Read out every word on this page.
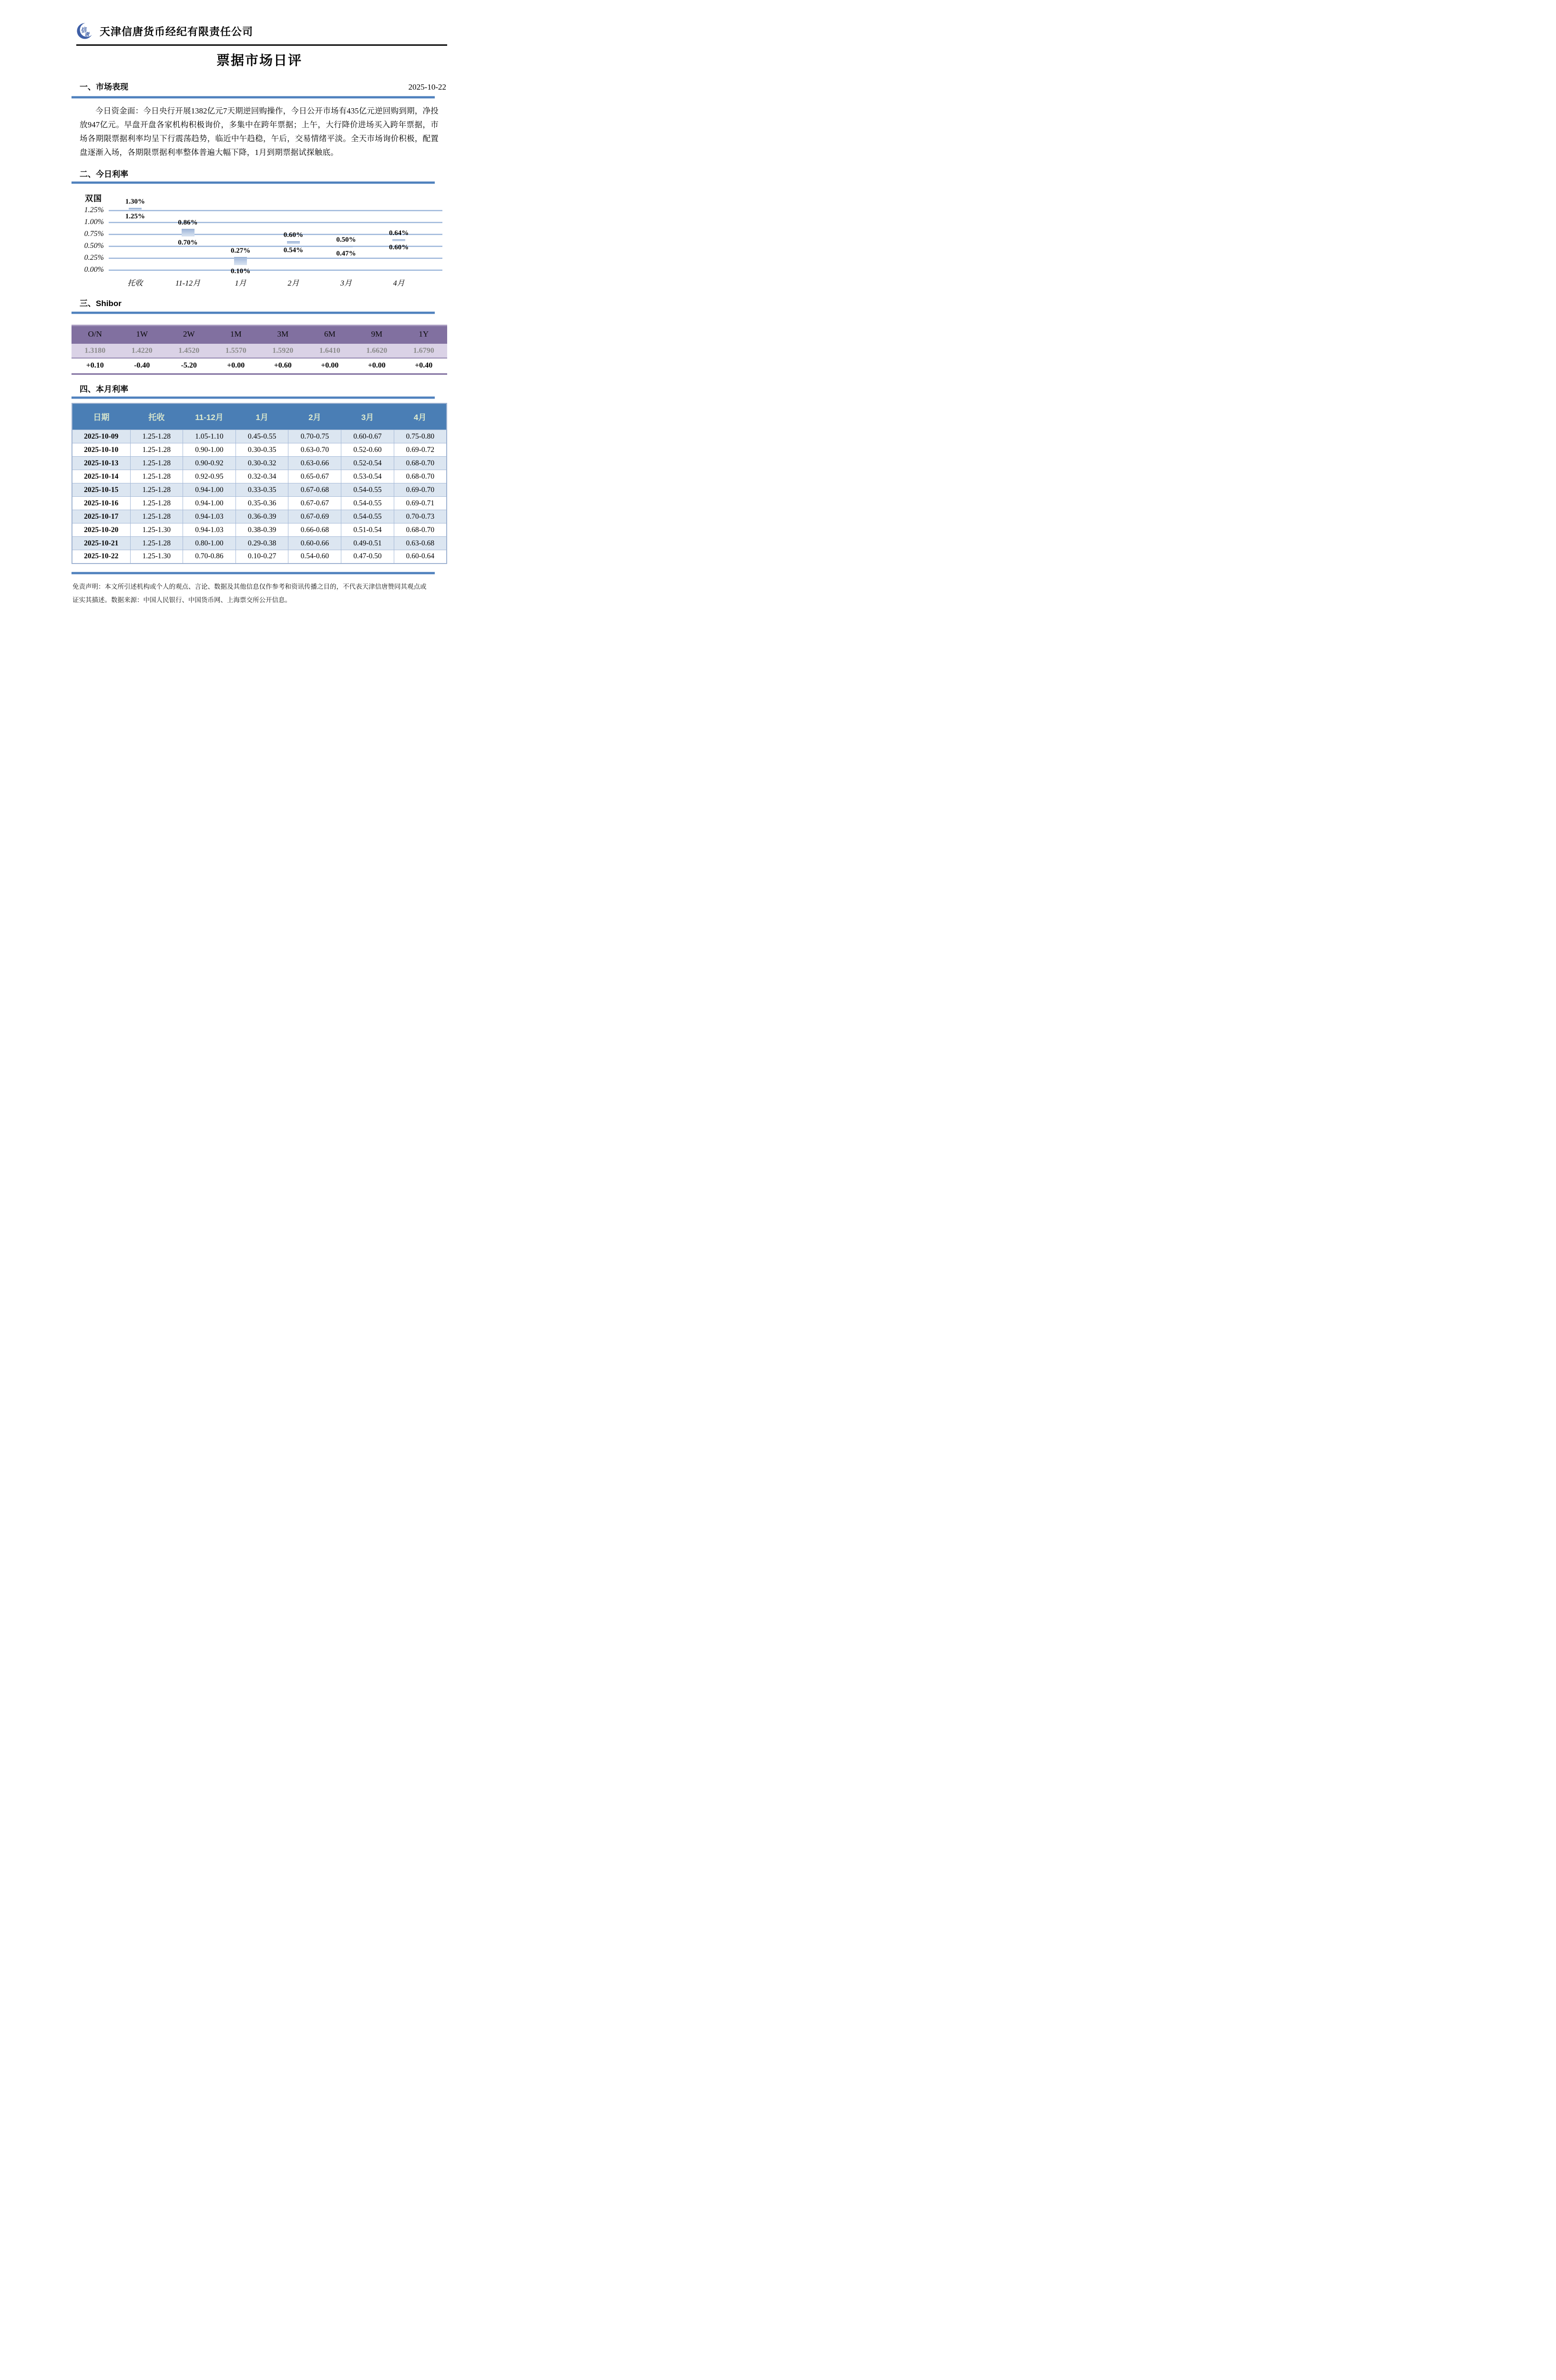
信
唐 天津信唐货币经纪有限责任公司
票据市场日评
一、市场表现	2025-10-22
今日资金面：今日央行开展1382亿元7天期逆回购操作，今日公开市场有435亿元逆回购到期，净投放947亿元。早盘开盘各家机构积极询价，多集中在跨年票据；上午，大行降价进场买入跨年票据，市场各期限票据利率均呈下行震荡趋势，临近中午趋稳，午后，交易情绪平淡。全天市场询价积极，配置盘逐渐入场，各期限票据利率整体普遍大幅下降，1月到期票据试探触底。
二、今日利率
双国
0.00%
0.25%
0.50%
0.75%
1.00%
1.25%
1.30%
1.25%
托收
0.86%
0.70%
11-12月
0.27%
0.10%
1月
0.60%
0.54%
2月
0.50%
0.47%
3月
0.64%
0.60%
4月
三、Shibor
O/N	1W	2W	1M	3M	6M	9M	1Y
1.3180	1.4220	1.4520	1.5570	1.5920	1.6410	1.6620	1.6790
+0.10	-0.40	-5.20	+0.00	+0.60	+0.00	+0.00	+0.40
四、本月利率
日期	托收	11-12月	1月	2月	3月	4月
2025-10-09	1.25-1.28	1.05-1.10	0.45-0.55	0.70-0.75	0.60-0.67	0.75-0.80
2025-10-10	1.25-1.28	0.90-1.00	0.30-0.35	0.63-0.70	0.52-0.60	0.69-0.72
2025-10-13	1.25-1.28	0.90-0.92	0.30-0.32	0.63-0.66	0.52-0.54	0.68-0.70
2025-10-14	1.25-1.28	0.92-0.95	0.32-0.34	0.65-0.67	0.53-0.54	0.68-0.70
2025-10-15	1.25-1.28	0.94-1.00	0.33-0.35	0.67-0.68	0.54-0.55	0.69-0.70
2025-10-16	1.25-1.28	0.94-1.00	0.35-0.36	0.67-0.67	0.54-0.55	0.69-0.71
2025-10-17	1.25-1.28	0.94-1.03	0.36-0.39	0.67-0.69	0.54-0.55	0.70-0.73
2025-10-20	1.25-1.30	0.94-1.03	0.38-0.39	0.66-0.68	0.51-0.54	0.68-0.70
2025-10-21	1.25-1.28	0.80-1.00	0.29-0.38	0.60-0.66	0.49-0.51	0.63-0.68
2025-10-22	1.25-1.30	0.70-0.86	0.10-0.27	0.54-0.60	0.47-0.50	0.60-0.64
免责声明：本文所引述机构或个人的观点、言论、数据及其他信息仅作参考和资讯传播之目的，不代表天津信唐赞同其观点或
证实其描述。数据来源：中国人民银行、中国货币网、上海票交所公开信息。
